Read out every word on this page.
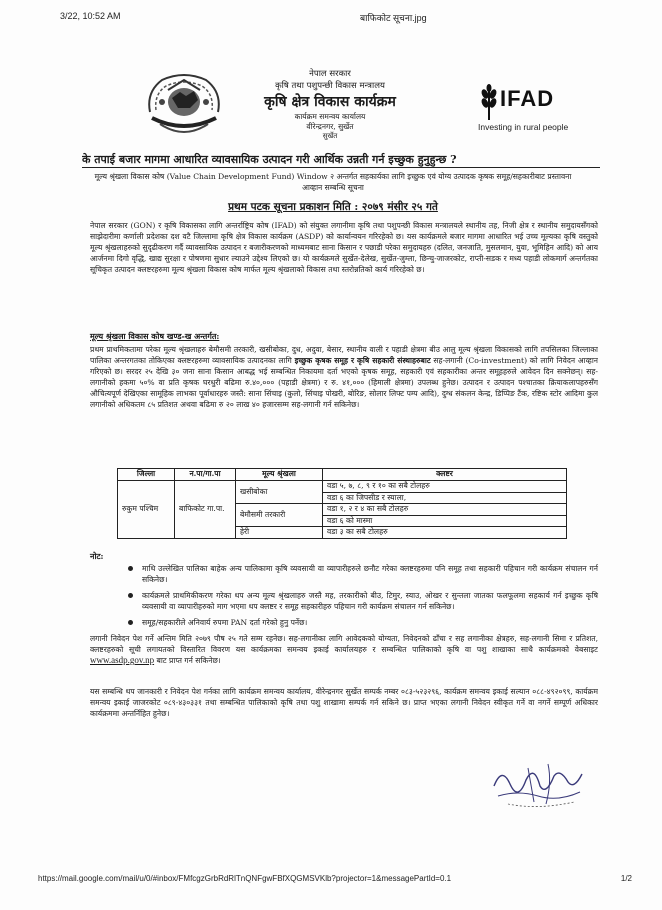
3/22, 10:52 AM	बाफिकोट सूचना.jpg
नेपाल सरकार
कृषि तथा पशुपन्छी विकास मन्त्रालय
कृषि क्षेत्र विकास कार्यक्रम
कार्यक्रम समन्वय कार्यालय
वीरेन्द्रनगर, सुर्खेत
सुर्खेत
IFAD
Investing in rural people
के तपाई बजार मागमा आधारित व्यावसायिक उत्पादन गरी आर्थिक उन्नती गर्न इच्छुक हुनुहुन्छ ?
मूल्य श्रृंखला विकास कोष (Value Chain Development Fund) Window २ अन्तर्गत सहकार्यका लागि इच्छुक एवं योग्य उत्पादक कृषक समूह/सहकारीबाट प्रस्तावना आव्हान सम्बन्धि सूचना
प्रथम पटक सूचना प्रकाशन मिति : २०७९ मंसीर २५ गते
नेपाल सरकार (GON) र कृषि विकासका लागि अन्तर्राष्ट्रिय कोष (IFAD) को संयुक्त लगानीमा कृषि तथा पशुपन्छी विकास मन्त्रालयले स्थानीय तह, निजी क्षेत्र र स्थानीय समुदायसँगको साझेदारीमा कर्णाली प्रदेशका दश वटै जिल्लामा कृषि क्षेत्र विकास कार्यक्रम (ASDP) को कार्यान्वयन गरिरहेको छ। यस कार्यक्रमले बजार मागमा आधारित भई उच्च मूल्यका कृषि वस्तुको मूल्य श्रृंखलाहरुको सुदृढीकरण गर्दै व्यावसायिक उत्पादन र बजारीकरणको माध्यमबाट साना किसान र पछाडी परेका समुदायहरु (दलित, जनजाति, मुसलमान, युवा, भूमिहिन आदि) को आय आर्जनमा दिगो वृद्धि, खाद्य सुरक्षा र पोषणमा सुधार ल्याउने उद्देश्य लिएको छ। यो कार्यक्रमले सुर्खेत-देलेख, सुर्खेत-जुम्ला, छिन्चु-जाजरकोट, राप्ती-सडक र मध्य पहाडी लोकमार्ग अन्तर्गतका सूचिकृत उत्पादन क्लष्टरहरुमा मूल्य श्रृंखला विकास कोष मार्फत मूल्य श्रृंखलाको विकास तथा स्तरोन्नतिको कार्य गरिरहेको छ।
मूल्य श्रृंखला विकास कोष खण्ड-ख अन्तर्गत:
प्रथम प्राथमिकतामा परेका मूल्य श्रृंखलाहरु बेमौसमी तरकारी, खसीबोका, दुध, अदुवा, बेसार, स्थानीय वाली र पहाडी क्षेत्रमा बीउ आलु मूल्य श्रृंखला विकासको लागि तपसिलका जिल्लाका पालिका अन्तरगतका तोकिएका क्लष्टरहरुमा व्यावसायिक उत्पादनका लागि इच्छुक कृषक समूह र कृषि सहकारी संस्थाहरुबाट सह-लगानी (Co-investment) को लागि निवेदन आव्हान गरिएको छ। सरदर २५ देखि ३० जना साना किसान आबद्ध भई सम्बन्धित निकायमा दर्ता भएको कृषक समूह, सहकारी एवं सहकारीका अन्तर समूहहरुले आवेदन दिन सक्नेछन्। सह-लगानीको हकमा ५०% वा प्रति कृषक घरधुरी बढिमा रु.४०,००० (पहाडी क्षेत्रमा) र रु. ४१,००० (हिमाली क्षेत्रमा) उपलब्ध हुनेछ। उत्पादन र उत्पादन पश्चातका क्रियाकलापहरुसँग औचित्यपूर्ण देखिएका सामूहिक लाभका पूर्वाधारहरु जस्तै: साना सिंचाइ (कुलो, सिंचाइ पोखरी, बोरिङ, सोलार लिफ्ट पम्प आदि), दुग्ध संकलन केन्द्र, डिप्पिङ टैंक, रष्टिक स्टोर आदिमा कुल लगानीको अधिकतम ८५ प्रतिशत अथवा बढिमा रु २० लाख ४० हजारसम्म सह-लगानी गर्न सकिनेछ।
जिल्ला	न.पा/गा.पा	मूल्य श्रृंखला	क्लष्टर
रुकुम पश्चिम	बाफिकोट गा.पा.	खसीबोका	वडा ५, ७, ८, ९ र १० का सबै टोलहरु
			वडा ६ का जिपसीड र स्याला,
		बेमौसमी तरकारी	वडा १, २ र ४ का सबै टोलहरु
			वडा ६ को मास्मा
		हेरी	वडा ३ का सबै टोलहरु
नोट:
माथि उल्लेखित पालिका बाहेक अन्य पालिकामा कृषि व्यवसायी वा व्यापारीहरुले छनौट गरेका क्लष्टरहरुमा पनि समूह तथा सहकारी पहिचान गरी कार्यक्रम संचालन गर्न सकिनेछ।
कार्यक्रमले प्राथमिकीकरण गरेका थप अन्य मूल्य श्रृंखलाहरु जस्तै मह, तरकारीको बीउ, टिमुर, स्याउ, ओखर र सुन्तला जातका फलफूलमा सहकार्य गर्न इच्छुक कृषि व्यवसायी वा व्यापारीहरुको माग भएमा थप क्लष्टर र समूह सहकारीहरु पहिचान गरी कार्यक्रम संचालन गर्न सकिनेछ।
समूह/सहकारीले अनिवार्य रुपमा PAN दर्ता गरेको हुनु पर्नेछ।
लगानी निवेदन पेश गर्ने अन्तिम मिति २०७९ पौष २५ गते सम्म रहनेछ। सह-लगानीका लागि आवेदकको योग्यता, निवेदनको ढाँचा र सह लगानीका क्षेत्रहरु, सह-लगानी सिमा र प्रतिशत, क्लष्टरहरुको सूची लगायतको विस्तारित विवरण यस कार्यक्रमका समन्वय इकाई कार्यालयहरु र सम्बन्धित पालिकाको कृषि वा पशु शाखाका साथै कार्यक्रमको वेबसाइट www.asdp.gov.np बाट प्राप्त गर्न सकिनेछ।
यस सम्बन्धि थप जानकारी र निवेदन पेश गर्नका लागि कार्यक्रम समन्वय कार्यालय, वीरेन्द्रनगर सुर्खेत सम्पर्क नम्बर ०८३-५२३२९६, कार्यक्रम समन्वय इकाई सल्यान ०८८-४९२०९९, कार्यक्रम समन्वय इकाई जाजरकोट ०८९-४३०३३१ तथा सम्बन्धित पालिकाको कृषि तथा पशु शाखामा सम्पर्क गर्न सकिने छ। प्राप्त भएका लगानी निवेदन स्वीकृत गर्ने वा नगर्ने सम्पूर्ण अधिकार कार्यक्रममा अन्तर्निहित हुनेछ।
https://mail.google.com/mail/u/0/#inbox/FMfcgzGrbRdRlTnQNFgwFBfXQGMSVKlb?projector=1&messagePartId=0.1	1/2
